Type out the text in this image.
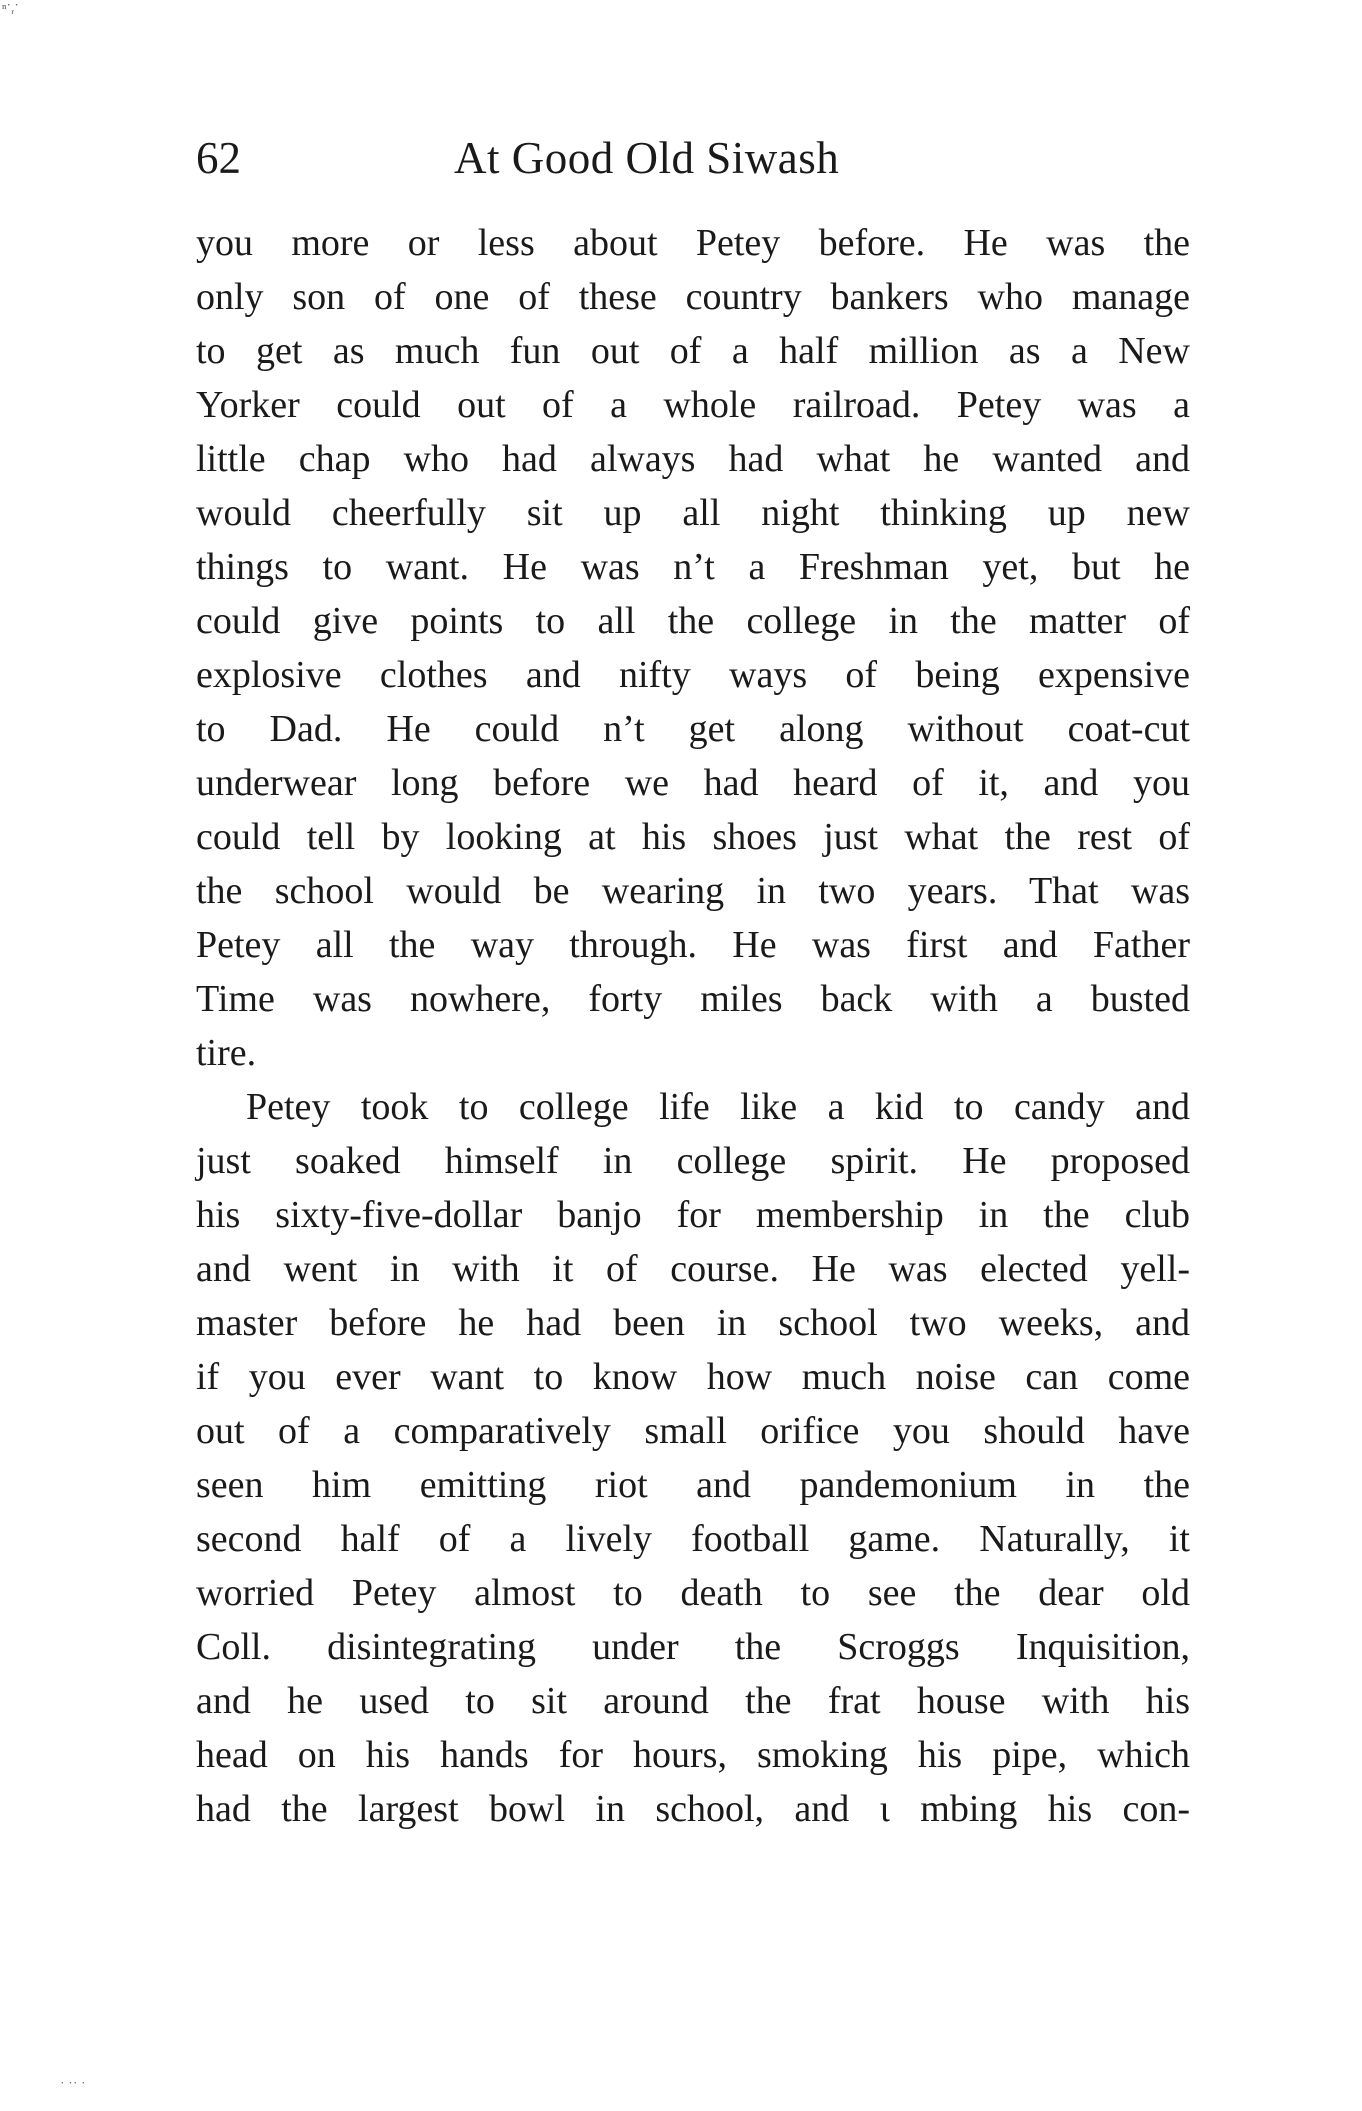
62	At Good Old Siwash
you more or less about Petey before. He was the
only son of one of these country bankers who manage
to get as much fun out of a half million as a New
Yorker could out of a whole railroad. Petey was a
little chap who had always had what he wanted and
would cheerfully sit up all night thinking up new
things to want. He was n’t a Freshman yet, but he
could give points to all the college in the matter of
explosive clothes and nifty ways of being expensive
to Dad. He could n’t get along without coat-cut
underwear long before we had heard of it, and you
could tell by looking at his shoes just what the rest of
the school would be wearing in two years. That was
Petey all the way through. He was first and Father
Time was nowhere, forty miles back with a busted
tire.
Petey took to college life like a kid to candy and
just soaked himself in college spirit. He proposed
his sixty-five-dollar banjo for membership in the club
and went in with it of course. He was elected yell-
master before he had been in school two weeks, and
if you ever want to know how much noise can come
out of a comparatively small orifice you should have
seen him emitting riot and pandemonium in the
second half of a lively football game. Naturally, it
worried Petey almost to death to see the dear old
Coll. disintegrating under the Scroggs Inquisition,
and he used to sit around the frat house with his
head on his hands for hours, smoking his pipe, which
had the largest bowl in school, and ι mbing his con-
ⁿ˙ᵣ˙
˙ ˙˙ ˙
